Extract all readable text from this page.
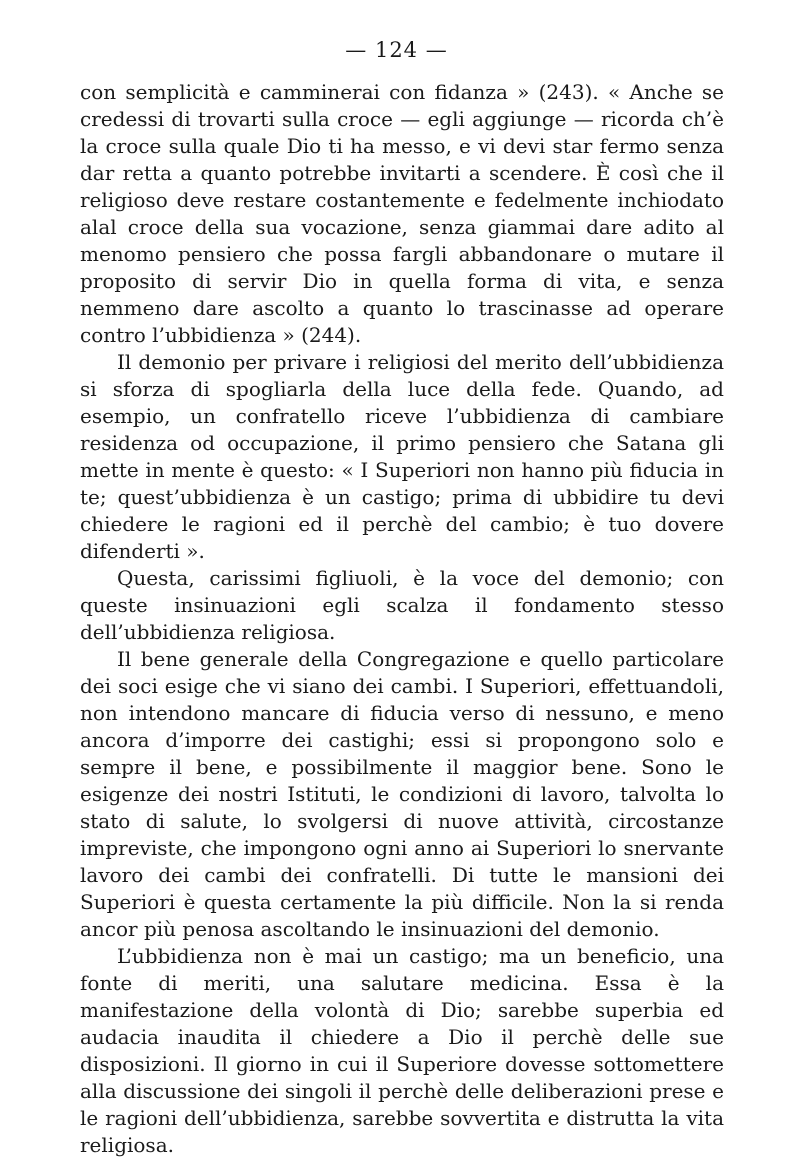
— 124 —

con semplicità e camminerai con fidanza » (243). « Anche se credessi di trovarti sulla croce — egli aggiunge — ricorda ch’è la croce sulla quale Dio ti ha messo, e vi devi star fermo senza dar retta a quanto potrebbe invitarti a scendere. È così che il religioso deve restare costantemente e fedelmente inchiodato alal croce della sua vocazione, senza giammai dare adito al menomo pensiero che possa fargli abbandonare o mutare il proposito di servir Dio in quella forma di vita, e senza nemmeno dare ascolto a quanto lo trascinasse ad operare contro l’ubbidienza » (244).

Il demonio per privare i religiosi del merito dell’ubbidienza si sforza di spogliarla della luce della fede. Quando, ad esempio, un confratello riceve l’ubbidienza di cambiare residenza od occupazione, il primo pensiero che Satana gli mette in mente è questo: « I Superiori non hanno più fiducia in te; quest’ubbidienza è un castigo; prima di ubbidire tu devi chiedere le ragioni ed il perchè del cambio; è tuo dovere difenderti ».

Questa, carissimi figliuoli, è la voce del demonio; con queste insinuazioni egli scalza il fondamento stesso dell’ubbidienza religiosa.

Il bene generale della Congregazione e quello particolare dei soci esige che vi siano dei cambi. I Superiori, effettuandoli, non intendono mancare di fiducia verso di nessuno, e meno ancora d’imporre dei castighi; essi si propongono solo e sempre il bene, e possibilmente il maggior bene. Sono le esigenze dei nostri Istituti, le condizioni di lavoro, talvolta lo stato di salute, lo svolgersi di nuove attività, circostanze impreviste, che impongono ogni anno ai Superiori lo snervante lavoro dei cambi dei confratelli. Di tutte le mansioni dei Superiori è questa certamente la più difficile. Non la si renda ancor più penosa ascoltando le insinuazioni del demonio.

L’ubbidienza non è mai un castigo; ma un beneficio, una fonte di meriti, una salutare medicina. Essa è la manifestazione della volontà di Dio; sarebbe superbia ed audacia inaudita il chiedere a Dio il perchè delle sue disposizioni. Il giorno in cui il Superiore dovesse sottomettere alla discussione dei singoli il perchè delle deliberazioni prese e le ragioni dell’ubbidienza, sarebbe sovvertita e distrutta la vita religiosa.
